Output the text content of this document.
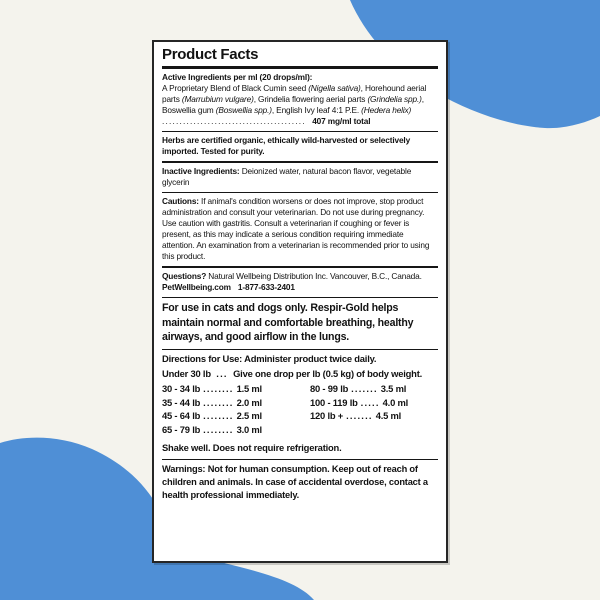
Product Facts
Active Ingredients per ml (20 drops/ml):
A Proprietary Blend of Black Cumin seed (Nigella sativa), Horehound aerial parts (Marrubium vulgare), Grindelia flowering aerial parts (Grindelia spp.), Boswellia gum (Boswellia spp.), English Ivy leaf 4:1 P.E. (Hedera helix) ......................................... 407 mg/ml total
Herbs are certified organic, ethically wild-harvested or selectively imported. Tested for purity.
Inactive Ingredients: Deionized water, natural bacon flavor, vegetable glycerin
Cautions: If animal's condition worsens or does not improve, stop product administration and consult your veterinarian. Do not use during pregnancy. Use caution with gastritis. Consult a veterinarian if coughing or fever is present, as this may indicate a serious condition requiring immediate attention. An examination from a veterinarian is recommended prior to using this product.
Questions? Natural Wellbeing Distribution Inc. Vancouver, B.C., Canada. PetWellbeing.com 1-877-633-2401
For use in cats and dogs only. Respir-Gold helps maintain normal and comfortable breathing, healthy airways, and good airflow in the lungs.
Directions for Use: Administer product twice daily.
Under 30 lb ... Give one drop per lb (0.5 kg) of body weight.
30 - 34 lb ........ 1.5 ml
35 - 44 lb ........ 2.0 ml
45 - 64 lb ........ 2.5 ml
65 - 79 lb ........ 3.0 ml
80 - 99 lb ....... 3.5 ml
100 - 119 lb ..... 4.0 ml
120 lb + ....... 4.5 ml
Shake well. Does not require refrigeration.
Warnings: Not for human consumption. Keep out of reach of children and animals. In case of accidental overdose, contact a health professional immediately.
